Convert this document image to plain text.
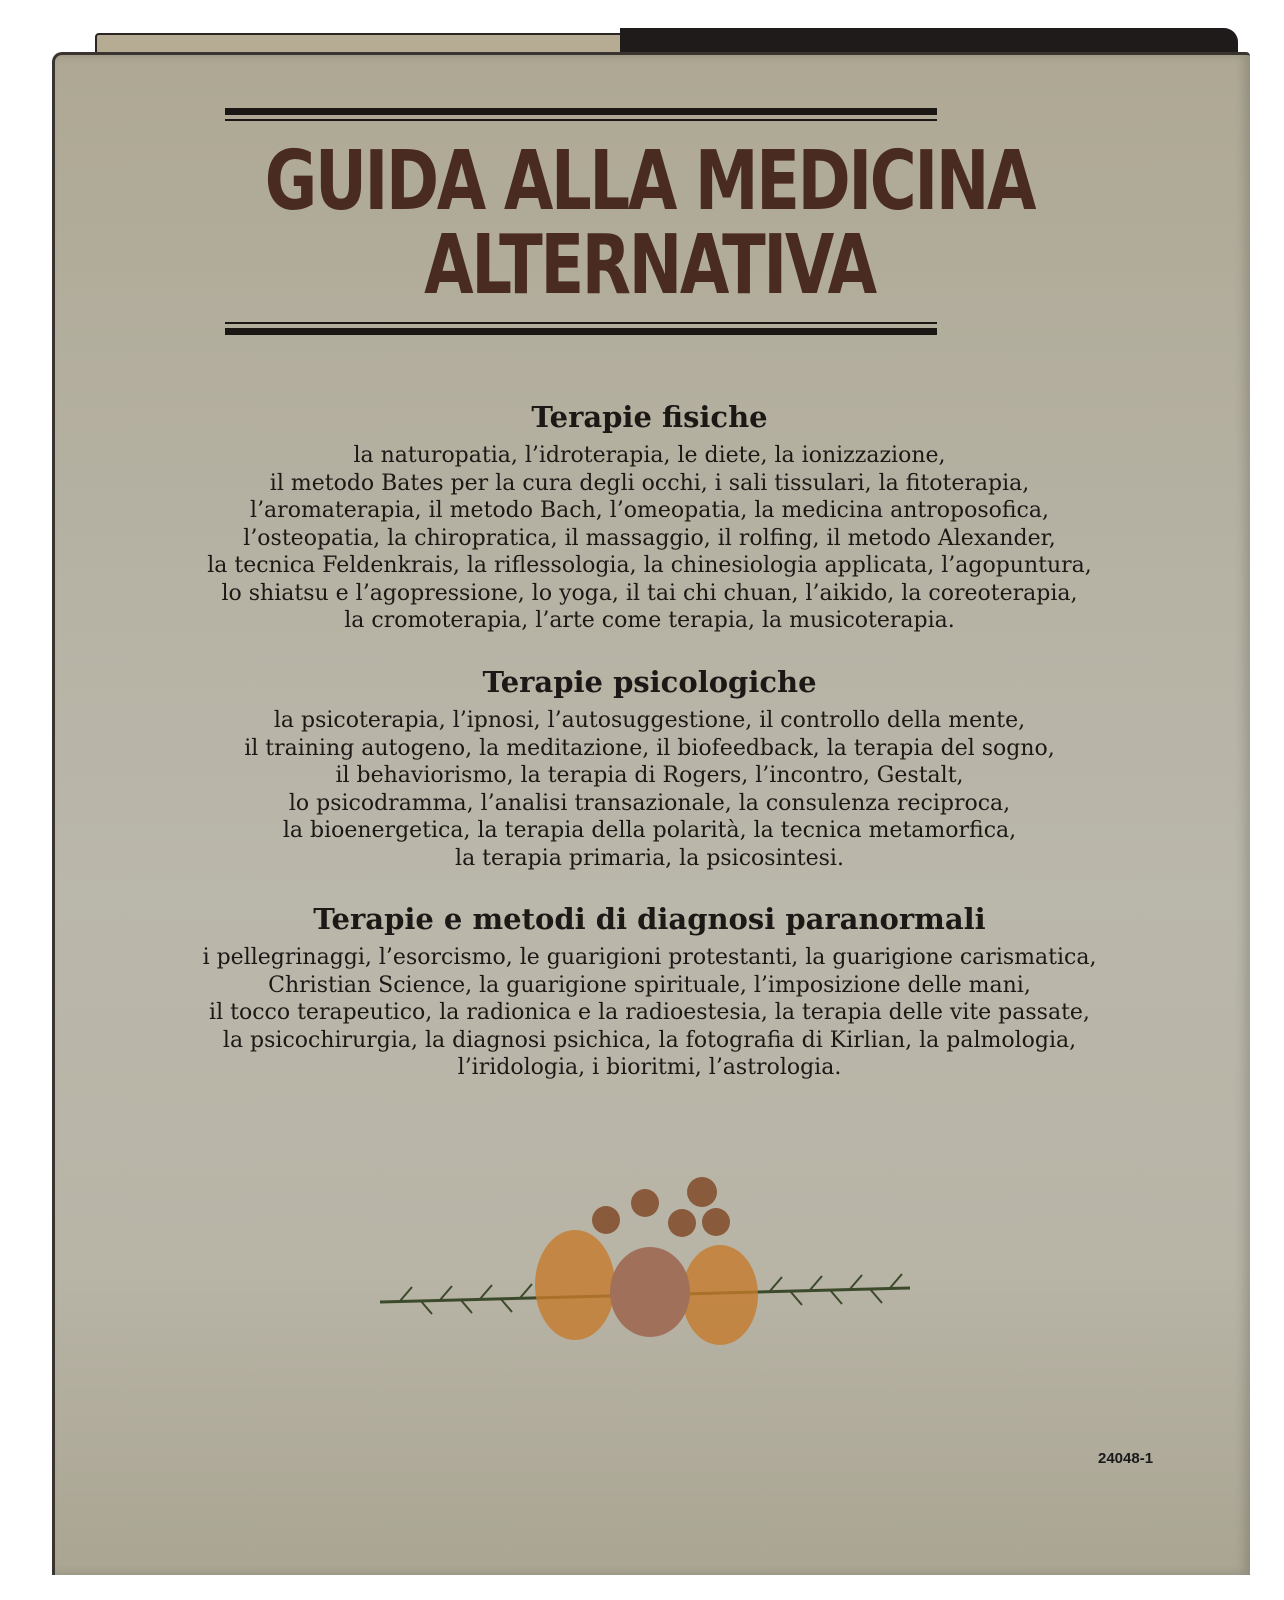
GUIDA ALLA MEDICINA
ALTERNATIVA
Terapie fisiche

la naturopatia, l’idroterapia, le diete, la ionizzazione,
il metodo Bates per la cura degli occhi, i sali tissulari, la fitoterapia,
l’aromaterapia, il metodo Bach, l’omeopatia, la medicina antroposofica,
l’osteopatia, la chiropratica, il massaggio, il rolfing, il metodo Alexander,
la tecnica Feldenkrais, la riflessologia, la chinesiologia applicata, l’agopuntura,
lo shiatsu e l’agopressione, lo yoga, il tai chi chuan, l’aikido, la coreoterapia,
la cromoterapia, l’arte come terapia, la musicoterapia.

Terapie psicologiche

la psicoterapia, l’ipnosi, l’autosuggestione, il controllo della mente,
il training autogeno, la meditazione, il biofeedback, la terapia del sogno,
il behaviorismo, la terapia di Rogers, l’incontro, Gestalt,
lo psicodramma, l’analisi transazionale, la consulenza reciproca,
la bioenergetica, la terapia della polarità, la tecnica metamorfica,
la terapia primaria, la psicosintesi.

Terapie e metodi di diagnosi paranormali

i pellegrinaggi, l’esorcismo, le guarigioni protestanti, la guarigione carismatica,
Christian Science, la guarigione spirituale, l’imposizione delle mani,
il tocco terapeutico, la radionica e la radioestesia, la terapia delle vite passate,
la psicochirurgia, la diagnosi psichica, la fotografia di Kirlian, la palmologia,
l’iridologia, i bioritmi, l’astrologia.

24048-1
